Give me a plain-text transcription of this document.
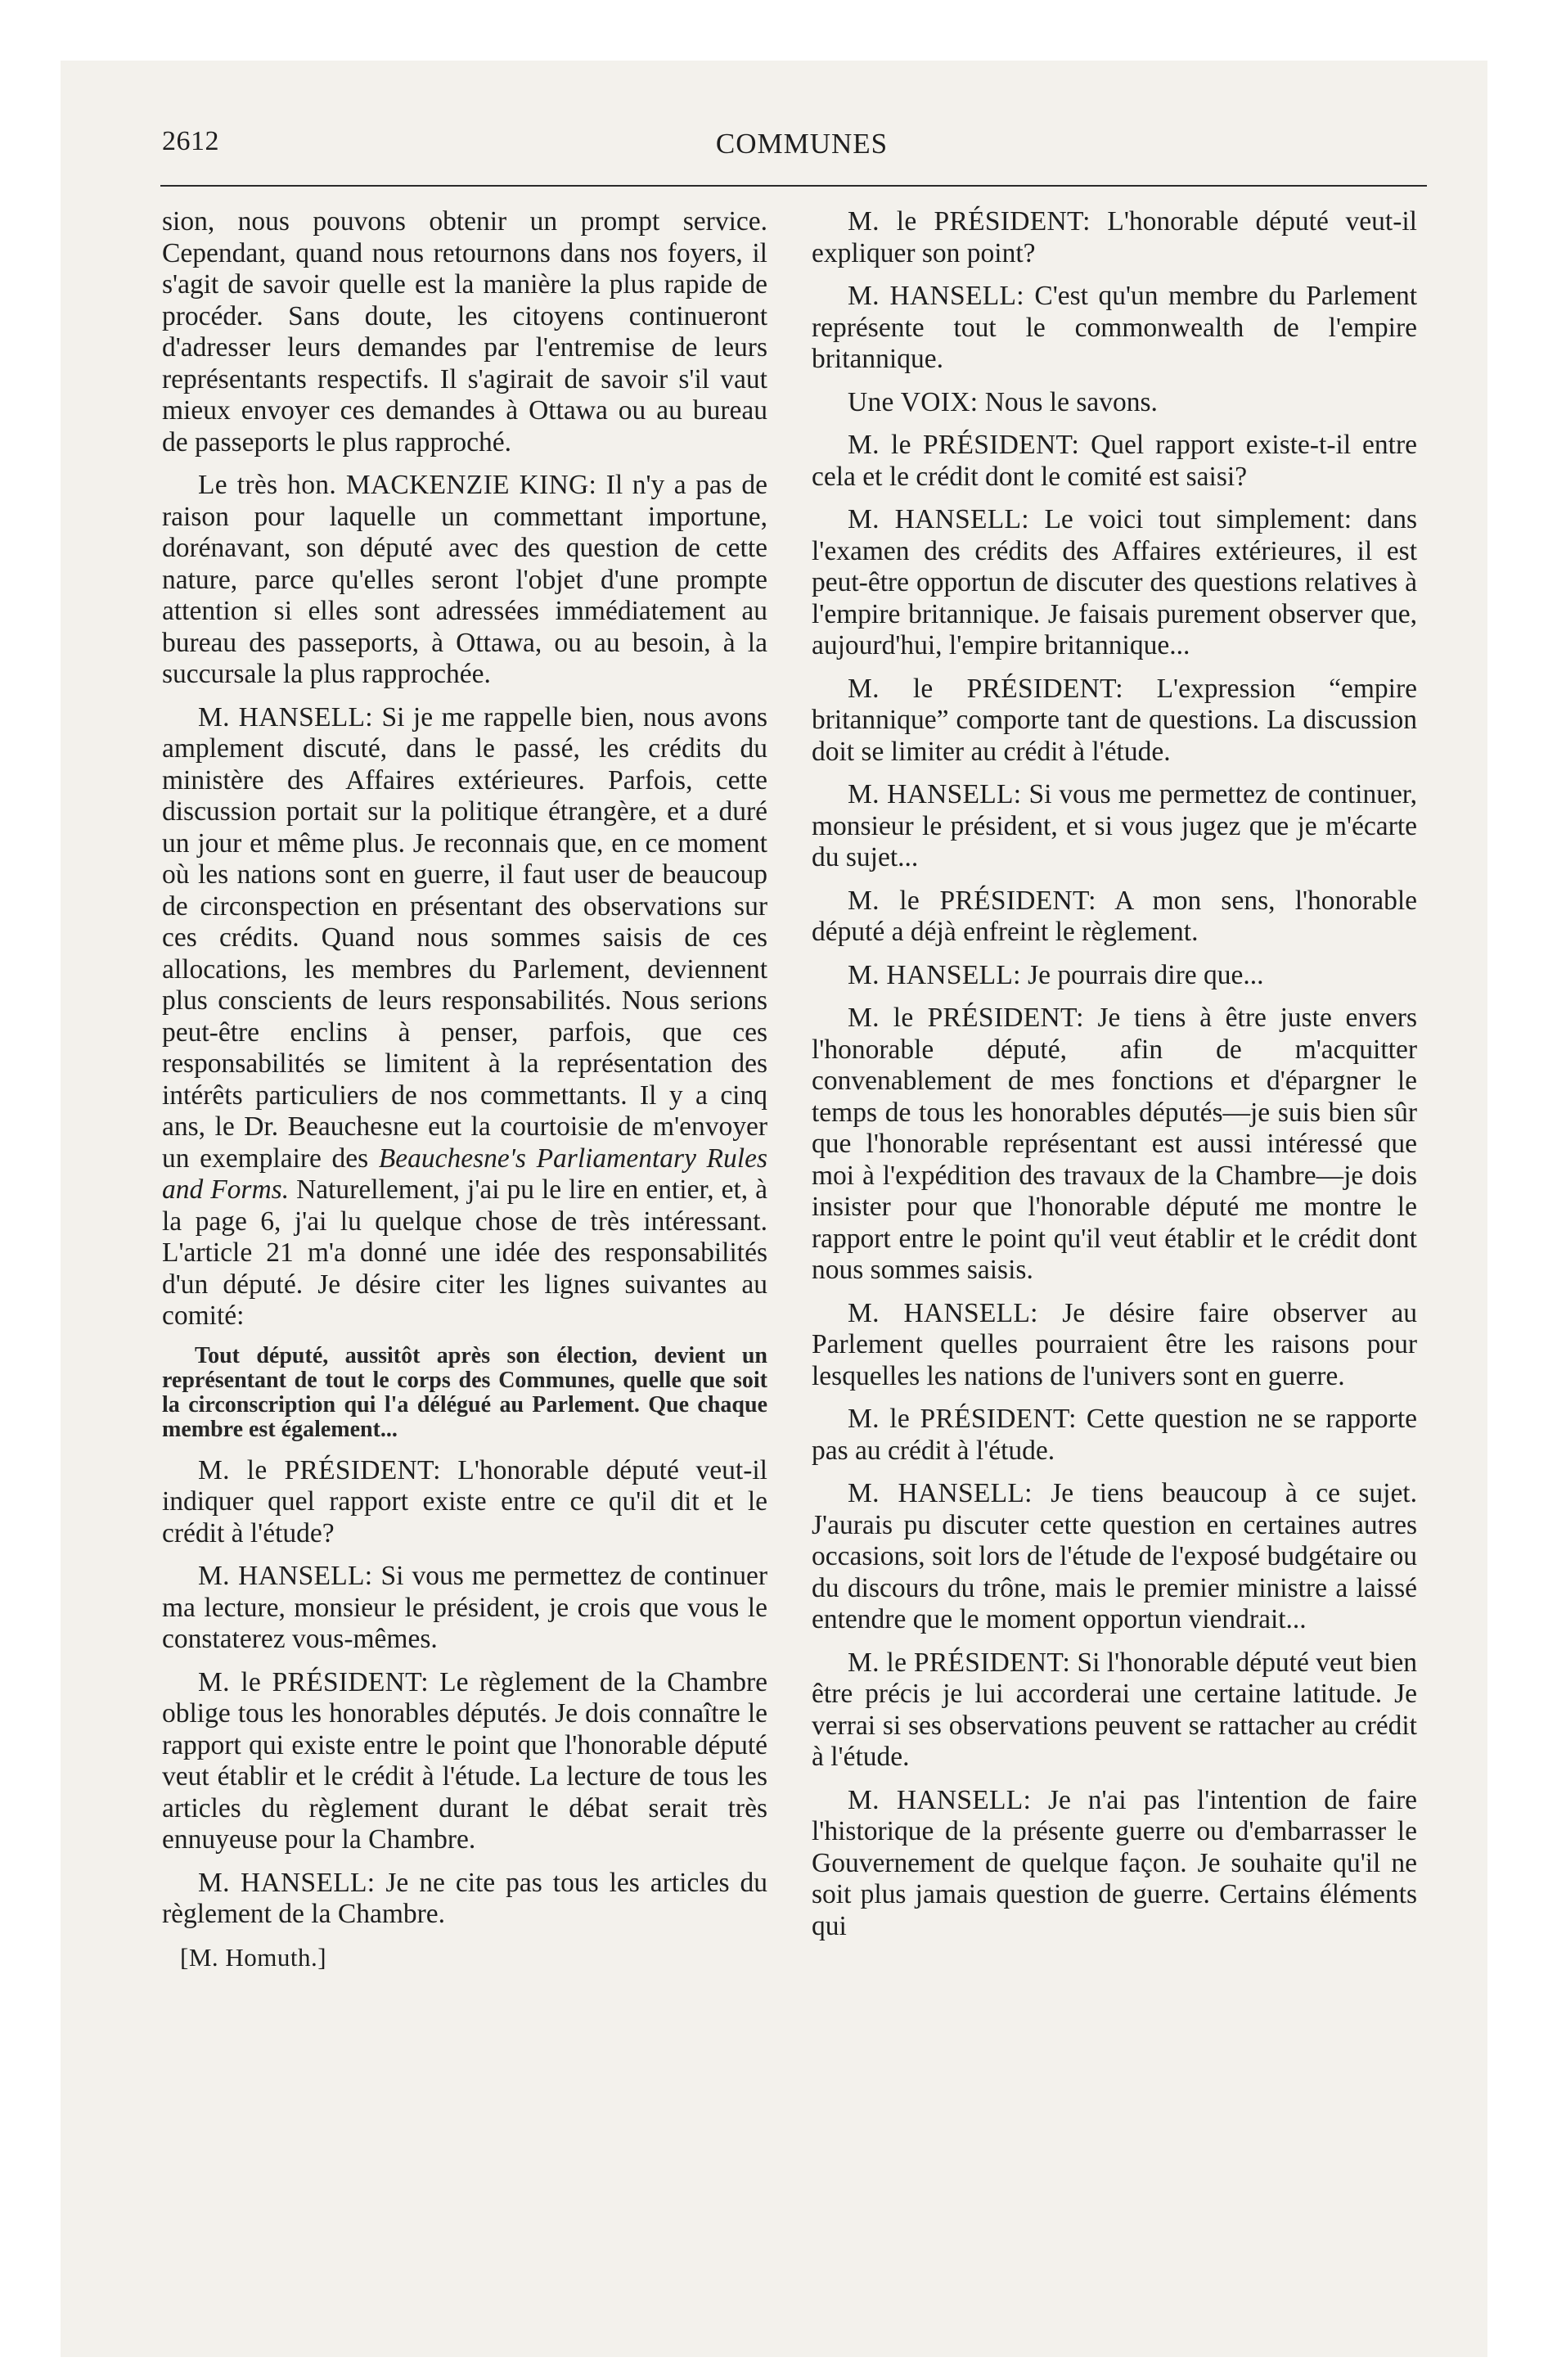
2612	COMMUNES

sion, nous pouvons obtenir un prompt service. Cependant, quand nous retournons dans nos foyers, il s'agit de savoir quelle est la manière la plus rapide de procéder. Sans doute, les citoyens continueront d'adresser leurs demandes par l'entremise de leurs représentants respectifs. Il s'agirait de savoir s'il vaut mieux envoyer ces demandes à Ottawa ou au bureau de passeports le plus rapproché.

Le très hon. MACKENZIE KING: Il n'y a pas de raison pour laquelle un commettant importune, dorénavant, son député avec des question de cette nature, parce qu'elles seront l'objet d'une prompte attention si elles sont adressées immédiatement au bureau des passeports, à Ottawa, ou au besoin, à la succursale la plus rapprochée.

M. HANSELL: Si je me rappelle bien, nous avons amplement discuté, dans le passé, les crédits du ministère des Affaires extérieures. Parfois, cette discussion portait sur la politique étrangère, et a duré un jour et même plus. Je reconnais que, en ce moment où les nations sont en guerre, il faut user de beaucoup de circonspection en présentant des observations sur ces crédits. Quand nous sommes saisis de ces allocations, les membres du Parlement, deviennent plus conscients de leurs responsabilités. Nous serions peut-être enclins à penser, parfois, que ces responsabilités se limitent à la représentation des intérêts particuliers de nos commettants. Il y a cinq ans, le Dr. Beauchesne eut la courtoisie de m'envoyer un exemplaire des Beauchesne's Parliamentary Rules and Forms. Naturellement, j'ai pu le lire en entier, et, à la page 6, j'ai lu quelque chose de très intéressant. L'article 21 m'a donné une idée des responsabilités d'un député. Je désire citer les lignes suivantes au comité:

Tout député, aussitôt après son élection, devient un représentant de tout le corps des Communes, quelle que soit la circonscription qui l'a délégué au Parlement. Que chaque membre est également...

M. le PRÉSIDENT: L'honorable député veut-il indiquer quel rapport existe entre ce qu'il dit et le crédit à l'étude?

M. HANSELL: Si vous me permettez de continuer ma lecture, monsieur le président, je crois que vous le constaterez vous-mêmes.

M. le PRÉSIDENT: Le règlement de la Chambre oblige tous les honorables députés. Je dois connaître le rapport qui existe entre le point que l'honorable député veut établir et le crédit à l'étude. La lecture de tous les articles du règlement durant le débat serait très ennuyeuse pour la Chambre.

M. HANSELL: Je ne cite pas tous les articles du règlement de la Chambre.

[M. Homuth.]

M. le PRÉSIDENT: L'honorable député veut-il expliquer son point?

M. HANSELL: C'est qu'un membre du Parlement représente tout le commonwealth de l'empire britannique.

Une VOIX: Nous le savons.

M. le PRÉSIDENT: Quel rapport existe-t-il entre cela et le crédit dont le comité est saisi?

M. HANSELL: Le voici tout simplement: dans l'examen des crédits des Affaires extérieures, il est peut-être opportun de discuter des questions relatives à l'empire britannique. Je faisais purement observer que, aujourd'hui, l'empire britannique...

M. le PRÉSIDENT: L'expression “empire britannique” comporte tant de questions. La discussion doit se limiter au crédit à l'étude.

M. HANSELL: Si vous me permettez de continuer, monsieur le président, et si vous jugez que je m'écarte du sujet...

M. le PRÉSIDENT: A mon sens, l'honorable député a déjà enfreint le règlement.

M. HANSELL: Je pourrais dire que...

M. le PRÉSIDENT: Je tiens à être juste envers l'honorable député, afin de m'acquitter convenablement de mes fonctions et d'épargner le temps de tous les honorables députés—je suis bien sûr que l'honorable représentant est aussi intéressé que moi à l'expédition des travaux de la Chambre—je dois insister pour que l'honorable député me montre le rapport entre le point qu'il veut établir et le crédit dont nous sommes saisis.

M. HANSELL: Je désire faire observer au Parlement quelles pourraient être les raisons pour lesquelles les nations de l'univers sont en guerre.

M. le PRÉSIDENT: Cette question ne se rapporte pas au crédit à l'étude.

M. HANSELL: Je tiens beaucoup à ce sujet. J'aurais pu discuter cette question en certaines autres occasions, soit lors de l'étude de l'exposé budgétaire ou du discours du trône, mais le premier ministre a laissé entendre que le moment opportun viendrait...

M. le PRÉSIDENT: Si l'honorable député veut bien être précis je lui accorderai une certaine latitude. Je verrai si ses observations peuvent se rattacher au crédit à l'étude.

M. HANSELL: Je n'ai pas l'intention de faire l'historique de la présente guerre ou d'embarrasser le Gouvernement de quelque façon. Je souhaite qu'il ne soit plus jamais question de guerre. Certains éléments qui
